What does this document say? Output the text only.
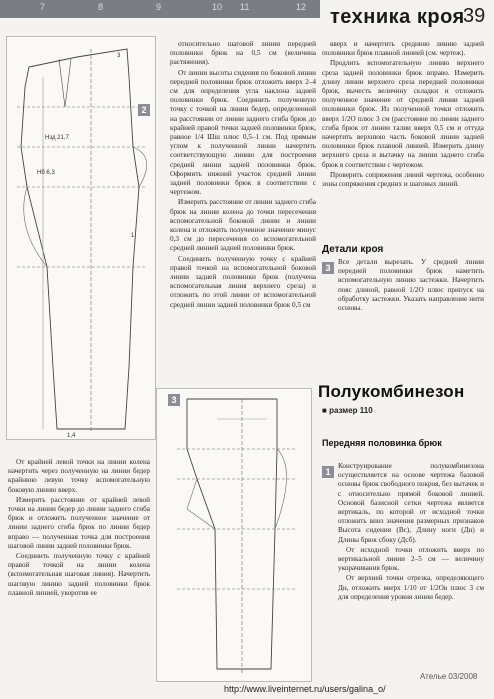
7	8	9	10 11	12 техника кроя
39
Нзд 21,7
Нб 6,3
3
1
1,4
2

относительно шаговой линии передней половинки брюк на 0,5 см (величина растяжения).

От линии высоты сидения по боковой линии передней половинки брюк отложить вверх 2–4 см для определения угла наклона задней половинки брюк. Соединить полученную точку с точкой на линии бедер, определенной на расстоянии от линии заднего сгиба брюк до крайней правой точки задней половинки брюк, равное 1/4 Шш плюс 0,5–1 см. Под прямым углом к полученной линии начертить соответствующую линию для построения средней линии задней половинки брюк. Оформить нижний участок средней линии задней половинки брюк в соответствии с чертежом.

Измерить расстояние от линии заднего сгиба брюк на линии колена до точки пересечения вспомогательной боковой линии и линии колена и отложить полученное значение минус 0,3 см до пересечения со вспомогательной средней линией задней половинки брюк.

Соединить полученную точку с крайней правой точкой на вспомогательной боковой линии задней половинки брюк (получена вспомогательная линия верхнего среза) и отложить по этой линии от вспомогательной средней линии задней половинки брюк 0,5 см

вверх и начертить среднюю линию задней половинки брюк плавной линией (см. чертеж).

Продлить вспомогательную линию верхнего среза задней половинки брюк вправо. Измерить длину линии верхнего среза передней половинки брюк, вычесть величину складки и отложить полученное значение от средней линии задней половинки брюк. Из полученной точки отложить вверх 1/2О плюс 3 см (расстояние по линии заднего сгиба брюк от линии талии вверх 0,5 см и оттуда начертить верхнюю часть боковой линии задней половинки брюк плавной линией. Измерить длину верхнего среза и вытачку на линии заднего сгиба брюк в соответствии с чертежом.

Проверить сопряжения линий чертежа, особенно зоны сопряжения средних и шаговых линий.

Детали кроя
3

Все детали вырезать. У средней линии передней половинки брюк наметить вспомогательную линию застежки. Начертить пояс длиной, равной 1/2О плюс припуск на обработку застежки. Указать направление нити основы.

Полукомбинезон
■ размер 110
3
Передняя половинка брюк
1

Конструирование полукомбинезона осуществляется на основе чертежа базовой основы брюк свободного покроя, без вытачек и с относительно прямой боковой линией. Основой базисной сетки чертежа является вертикаль, по которой от исходной точки отложить вниз значения размерных признаков Высота сидения (Вс), Длину ноги (Дн) и Длины брюк сбоку (Дсб).

От исходной точки отложить вверх по вертикальной линии 2–5 см — величину укорачивания брюк.

От верхней точки отрезка, определяющего Дн, отложить вверх 1/10 от 1/2Ов плюс 3 см для определения уровня линии бедер.

От крайней левой точки на линии колена начертить через полученную на линии бедер крайнюю левую точку вспомогательную боковую линию вверх.

Измерить расстояние от крайней левой точки на линии бедер до линии заднего сгиба брюк и отложить полученное значение от линии заднего сгиба брюк по линии бедер вправо — полученная точка для построения шаговой линии задней половинки брюк.

Соединить полученную точку с крайней правой точкой на линии колена (вспомогательная шаговая линия). Начертить шаговую линию задней половинки брюк плавной линией, укоротив ее

Ателье 03/2008
http://www.liveinternet.ru/users/galina_o/
